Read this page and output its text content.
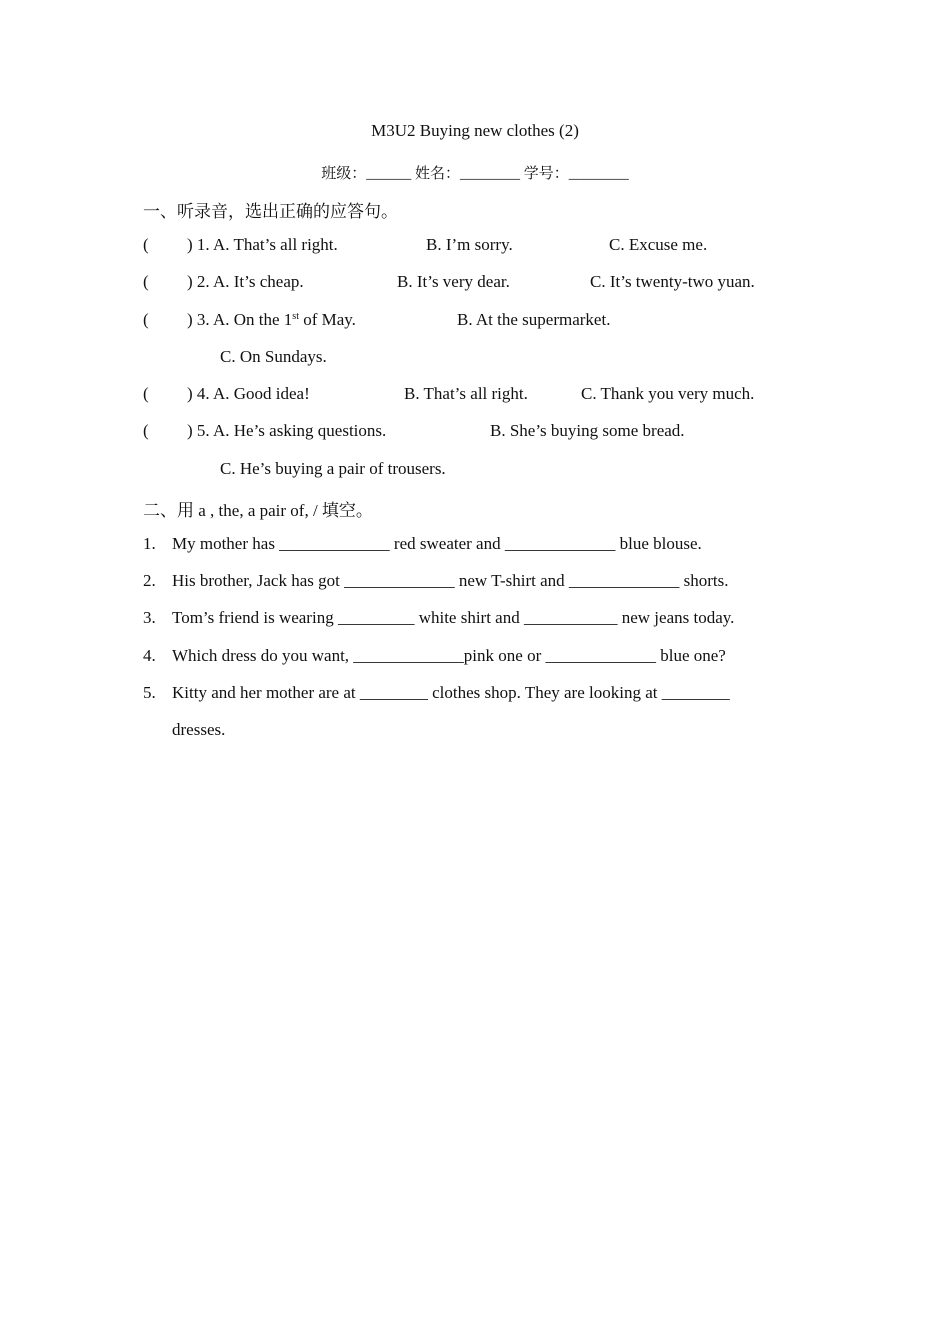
M3U2 Buying new clothes (2)
班级：______ 姓名：________ 学号：________
一、听录音，选出正确的应答句。
( ) 1. A. That’s all right.	B. I’m sorry.	C. Excuse me.
( ) 2. A. It’s cheap.	B. It’s very dear.	C. It’s twenty-two yuan.
( ) 3. A. On the 1st of May.	B. At the supermarket.
C. On Sundays.
( ) 4. A. Good idea!	B. That’s all right.	C. Thank you very much.
( ) 5. A. He’s asking questions.	B. She’s buying some bread.
C. He’s buying a pair of trousers.
二、用 a , the, a pair of, / 填空。
1. My mother has _____________ red sweater and _____________ blue blouse.
2. His brother, Jack has got _____________ new T-shirt and _____________ shorts.
3. Tom’s friend is wearing _________ white shirt and ___________ new jeans today.
4. Which dress do you want, _____________pink one or _____________ blue one?
5. Kitty and her mother are at ________ clothes shop. They are looking at ________
dresses.
